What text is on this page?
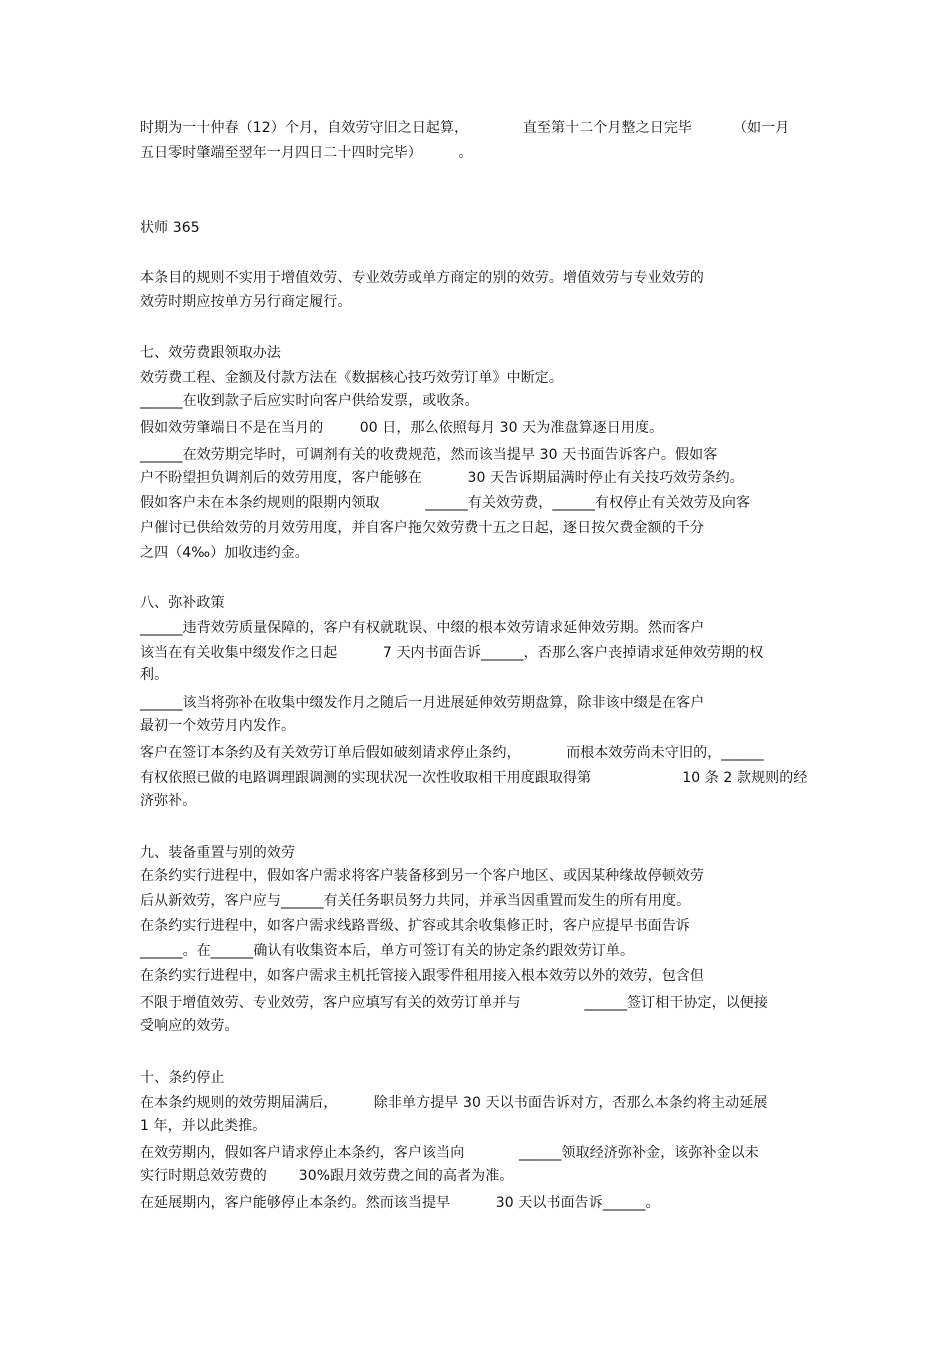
时期为一十仲春（12）个月，自效劳守旧之日起算，            直至第十二个月整之日完毕         （如一月
五日零时肇端至翌年一月四日二十四时完毕）        。
状师 365
本条目的规则不实用于增值效劳、专业效劳或单方商定的别的效劳。增值效劳与专业效劳的
效劳时期应按单方另行商定履行。
七、效劳费跟领取办法
效劳费工程、金额及付款方法在《数据核心技巧效劳订单》中断定。
______在收到款子后应实时向客户供给发票，或收条。
假如效劳肇端日不是在当月的        00 日，那么依照每月 30 天为准盘算逐日用度。
______在效劳期完毕时，可调剂有关的收费规范，然而该当提早 30 天书面告诉客户。假如客
户不盼望担负调剂后的效劳用度，客户能够在          30 天告诉期届满时停止有关技巧效劳条约。
假如客户未在本条约规则的限期内领取          ______有关效劳费，______有权停止有关效劳及向客
户催讨已供给效劳的月效劳用度，并自客户拖欠效劳费十五之日起，逐日按欠费金额的千分
之四（4‰）加收违约金。
八、弥补政策
______违背效劳质量保障的，客户有权就耽误、中缀的根本效劳请求延伸效劳期。然而客户
该当在有关收集中缀发作之日起          7 天内书面告诉______，否那么客户丧掉请求延伸效劳期的权
利。
______该当将弥补在收集中缀发作月之随后一月进展延伸效劳期盘算，除非该中缀是在客户
最初一个效劳月内发作。
客户在签订本条约及有关效劳订单后假如破刻请求停止条约，          而根本效劳尚未守旧的，______
有权依照已做的电路调理跟调测的实现状况一次性收取相干用度跟取得第                    10 条 2 款规则的经
济弥补。
九、装备重置与别的效劳
在条约实行进程中，假如客户需求将客户装备移到另一个客户地区、或因某种缘故停顿效劳
后从新效劳，客户应与______有关任务职员努力共同，并承当因重置而发生的所有用度。
在条约实行进程中，如客户需求线路晋级、扩容或其余收集修正时，客户应提早书面告诉
______。在______确认有收集资本后，单方可签订有关的协定条约跟效劳订单。
在条约实行进程中，如客户需求主机托管接入跟零件租用接入根本效劳以外的效劳，包含但
不限于增值效劳、专业效劳，客户应填写有关的效劳订单并与              ______签订相干协定，以便接
受响应的效劳。
十、条约停止
在本条约规则的效劳期届满后，        除非单方提早 30 天以书面告诉对方，否那么本条约将主动延展
1 年，并以此类推。
在效劳期内，假如客户请求停止本条约，客户该当向            ______领取经济弥补金，该弥补金以未
实行时期总效劳费的       30%跟月效劳费之间的高者为准。
在延展期内，客户能够停止本条约。然而该当提早          30 天以书面告诉______。
